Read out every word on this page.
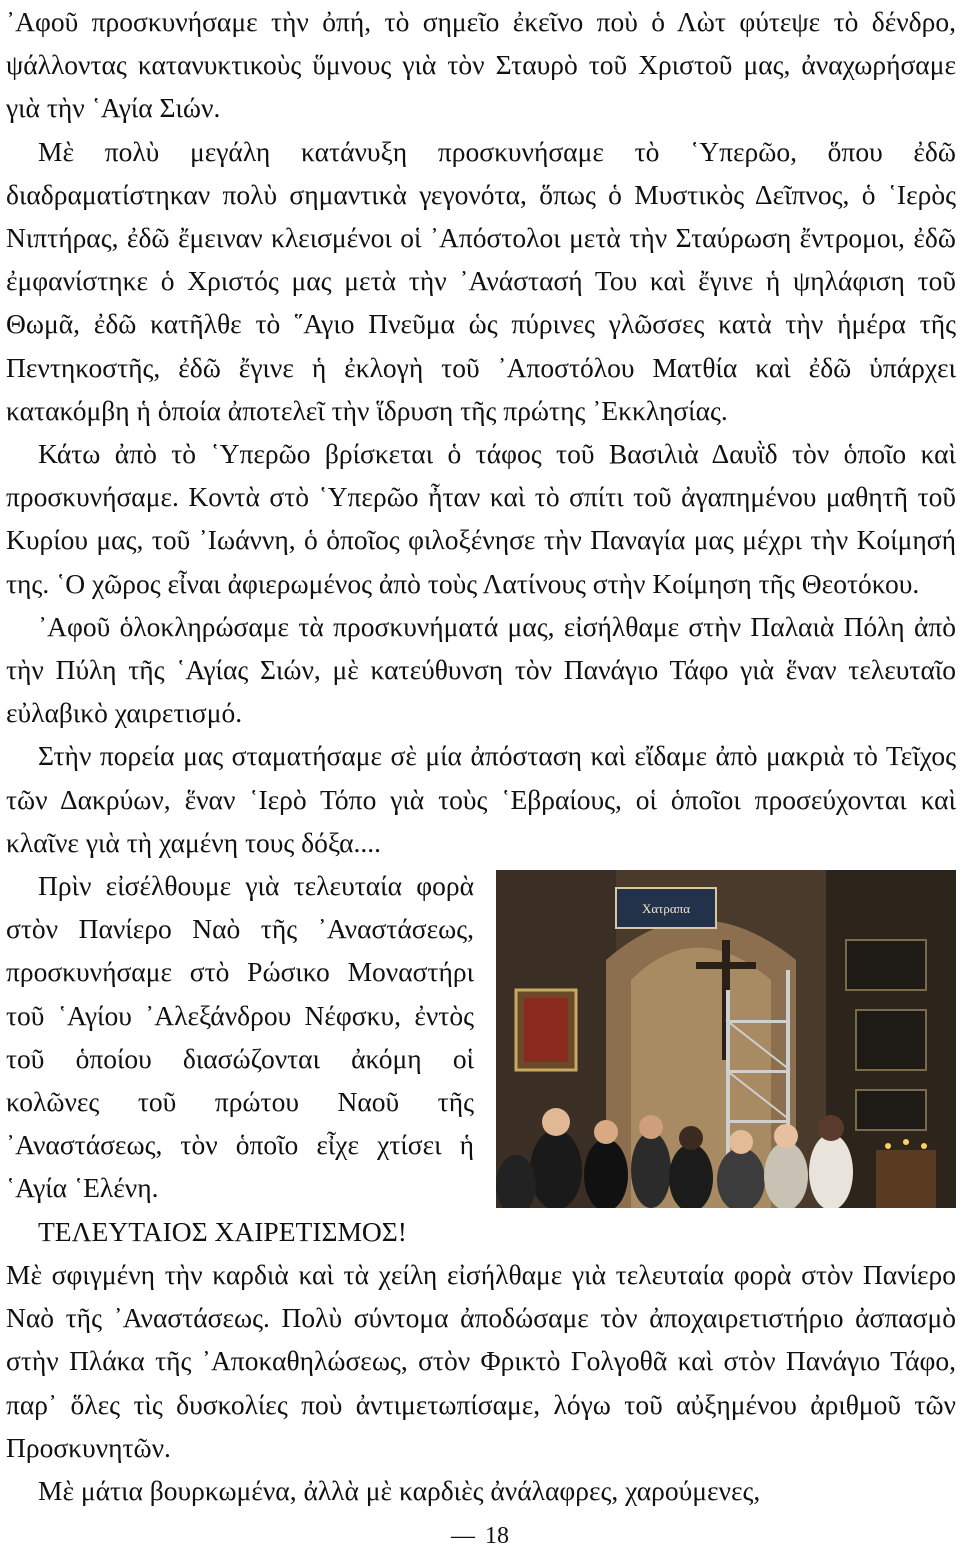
᾿Αφοῦ προσκυνήσαμε τὴν ὀπή, τὸ σημεῖο ἐκεῖνο ποὺ ὁ Λὼτ φύτεψε τὸ δένδρο, ψάλλοντας κατανυκτικοὺς ὕμνους γιὰ τὸν Σταυρὸ τοῦ Χριστοῦ μας, ἀναχωρήσαμε γιὰ τὴν ῾Αγία Σιών.

Μὲ πολὺ μεγάλη κατάνυξη προσκυνήσαμε τὸ ῾Υπερῶο, ὅπου ἐδῶ διαδραματίστηκαν πολὺ σημαντικὰ γεγονότα, ὅπως ὁ Μυστικὸς Δεῖπνος, ὁ ῾Ιερὸς Νιπτήρας, ἐδῶ ἔμειναν κλεισμένοι οἱ ᾿Απόστολοι μετὰ τὴν Σταύρωση ἔντρομοι, ἐδῶ ἐμφανίστηκε ὁ Χριστός μας μετὰ τὴν ᾿Ανάστασή Του καὶ ἔγινε ἡ ψηλάφιση τοῦ Θωμᾶ, ἐδῶ κατῆλθε τὸ ῞Αγιο Πνεῦμα ὡς πύρινες γλῶσσες κατὰ τὴν ἡμέρα τῆς Πεντηκοστῆς, ἐδῶ ἔγινε ἡ ἐκλογὴ τοῦ ᾿Αποστόλου Ματθία καὶ ἐδῶ ὑπάρχει κατακόμβη ἡ ὁποία ἀποτελεῖ τὴν ἵδρυση τῆς πρώτης ᾿Εκκλησίας.

Κάτω ἀπὸ τὸ ῾Υπερῶο βρίσκεται ὁ τάφος τοῦ Βασιλιὰ Δαυῒδ τὸν ὁποῖο καὶ προσκυνήσαμε. Κοντὰ στὸ ῾Υπερῶο ἦταν καὶ τὸ σπίτι τοῦ ἀγαπημένου μαθητῆ τοῦ Κυρίου μας, τοῦ ᾿Ιωάννη, ὁ ὁποῖος φιλοξένησε τὴν Παναγία μας μέχρι τὴν Κοίμησή της. ῾Ο χῶρος εἶναι ἀφιερωμένος ἀπὸ τοὺς Λατίνους στὴν Κοίμηση τῆς Θεοτόκου.

᾿Αφοῦ ὁλοκληρώσαμε τὰ προσκυνήματά μας, εἰσήλθαμε στὴν Παλαιὰ Πόλη ἀπὸ τὴν Πύλη τῆς ῾Αγίας Σιών, μὲ κατεύθυνση τὸν Πανάγιο Τάφο γιὰ ἕναν τελευταῖο εὐλαβικὸ χαιρετισμό.

Στὴν πορεία μας σταματήσαμε σὲ μία ἀπόσταση καὶ εἴδαμε ἀπὸ μακριὰ τὸ Τεῖχος τῶν Δακρύων, ἕναν ῾Ιερὸ Τόπο γιὰ τοὺς ῾Εβραίους, οἱ ὁποῖοι προσεύχονται καὶ κλαῖνε γιὰ τὴ χαμένη τους δόξα....

Χατραπα

Πρὶν εἰσέλθουμε γιὰ τελευταία φορὰ στὸν Πανίερο Ναὸ τῆς ᾿Αναστάσεως, προσκυνήσαμε στὸ Ρώσικο Μοναστήρι τοῦ ῾Αγίου ᾿Αλεξάνδρου Νέφσκυ, ἐντὸς τοῦ ὁποίου διασώζονται ἀκόμη οἱ κολῶνες τοῦ πρώτου Ναοῦ τῆς ᾿Αναστάσεως, τὸν ὁποῖο εἶχε χτίσει ἡ ῾Αγία ῾Ελένη.

ΤΕΛΕΥΤΑΙΟΣ ΧΑΙΡΕΤΙΣΜΟΣ!

Μὲ σφιγμένη τὴν καρδιὰ καὶ τὰ χείλη εἰσήλθαμε γιὰ τελευταία φορὰ στὸν Πανίερο Ναὸ τῆς ᾿Αναστάσεως. Πολὺ σύντομα ἀποδώσαμε τὸν ἀποχαιρετιστήριο ἀσπασμὸ στὴν Πλάκα τῆς ᾿Αποκαθηλώσεως, στὸν Φρικτὸ Γολγοθᾶ καὶ στὸν Πανάγιο Τάφο, παρ᾿ ὅλες τὶς δυσκολίες ποὺ ἀντιμετωπίσαμε, λόγω τοῦ αὐξημένου ἀριθμοῦ τῶν Προσκυνητῶν.

Μὲ μάτια βουρκωμένα, ἀλλὰ μὲ καρδιὲς ἀνάλαφρες, χαρούμενες,

— 18
